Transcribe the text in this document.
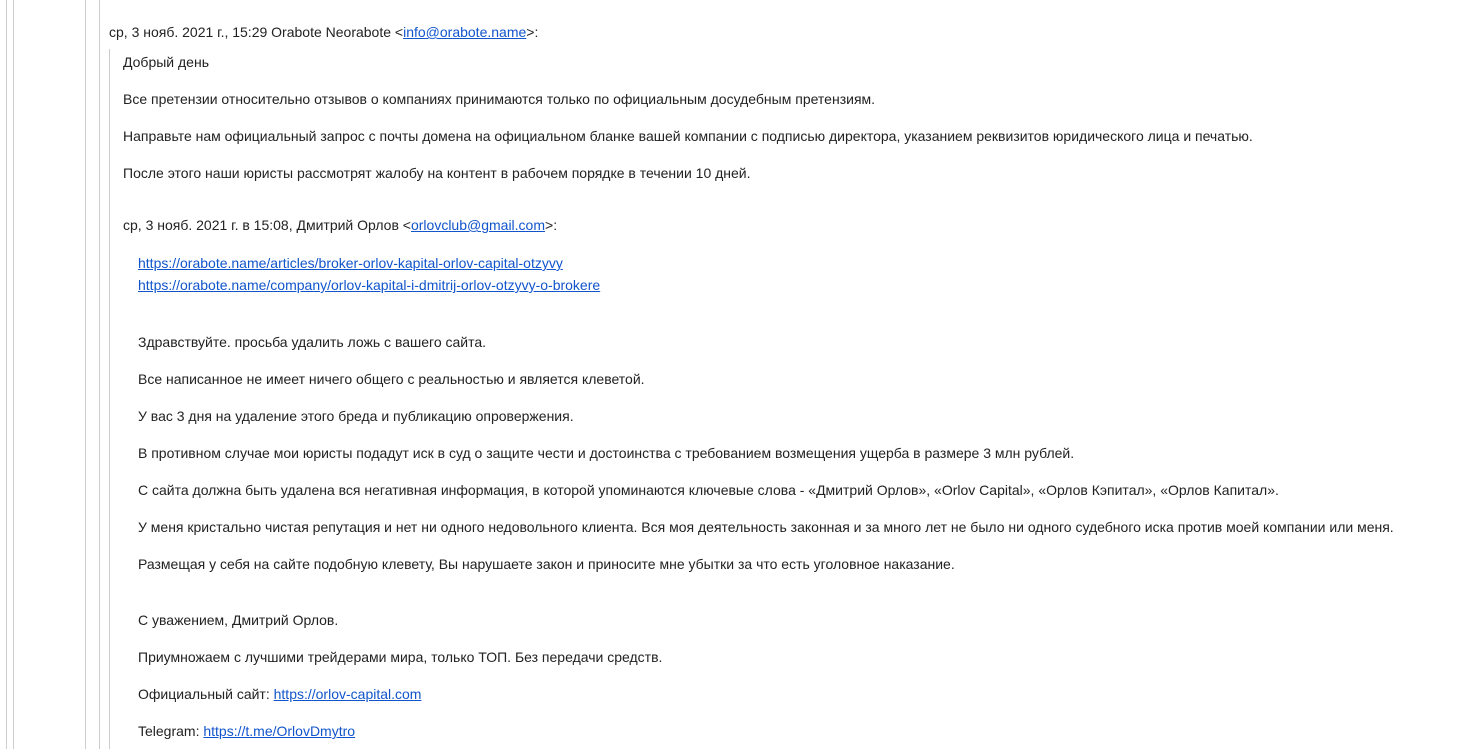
ср, 3 нояб. 2021 г., 15:29 Orabote Neorabote <info@orabote.name>:

Добрый день

Все претензии относительно отзывов о компаниях принимаются только по официальным досудебным претензиям.

Направьте нам официальный запрос с почты домена на официальном бланке вашей компании с подписью директора, указанием реквизитов юридического лица и печатью.

После этого наши юристы рассмотрят жалобу на контент в рабочем порядке в течении 10 дней.

ср, 3 нояб. 2021 г. в 15:08, Дмитрий Орлов <orlovclub@gmail.com>:

https://orabote.name/articles/broker-orlov-kapital-orlov-capital-otzyvy

https://orabote.name/company/orlov-kapital-i-dmitrij-orlov-otzyvy-o-brokere

Здравствуйте. просьба удалить ложь с вашего сайта.

Все написанное не имеет ничего общего с реальностью и является клеветой.

У вас 3 дня на удаление этого бреда и публикацию опровержения.

В противном случае мои юристы подадут иск в суд о защите чести и достоинства с требованием возмещения ущерба в размере 3 млн рублей.

С сайта должна быть удалена вся негативная информация, в которой упоминаются ключевые слова - «Дмитрий Орлов», «Orlov Capital», «Орлов Кэпитал», «Орлов Капитал».

У меня кристально чистая репутация и нет ни одного недовольного клиента. Вся моя деятельность законная и за много лет не было ни одного судебного иска против моей компании или меня.

Размещая у себя на сайте подобную клевету, Вы нарушаете закон и приносите мне убытки за что есть уголовное наказание.

С уважением, Дмитрий Орлов.

Приумножаем с лучшими трейдерами мира, только ТОП. Без передачи средств.

Официальный сайт: https://orlov-capital.com

Telegram: https://t.me/OrlovDmytro
